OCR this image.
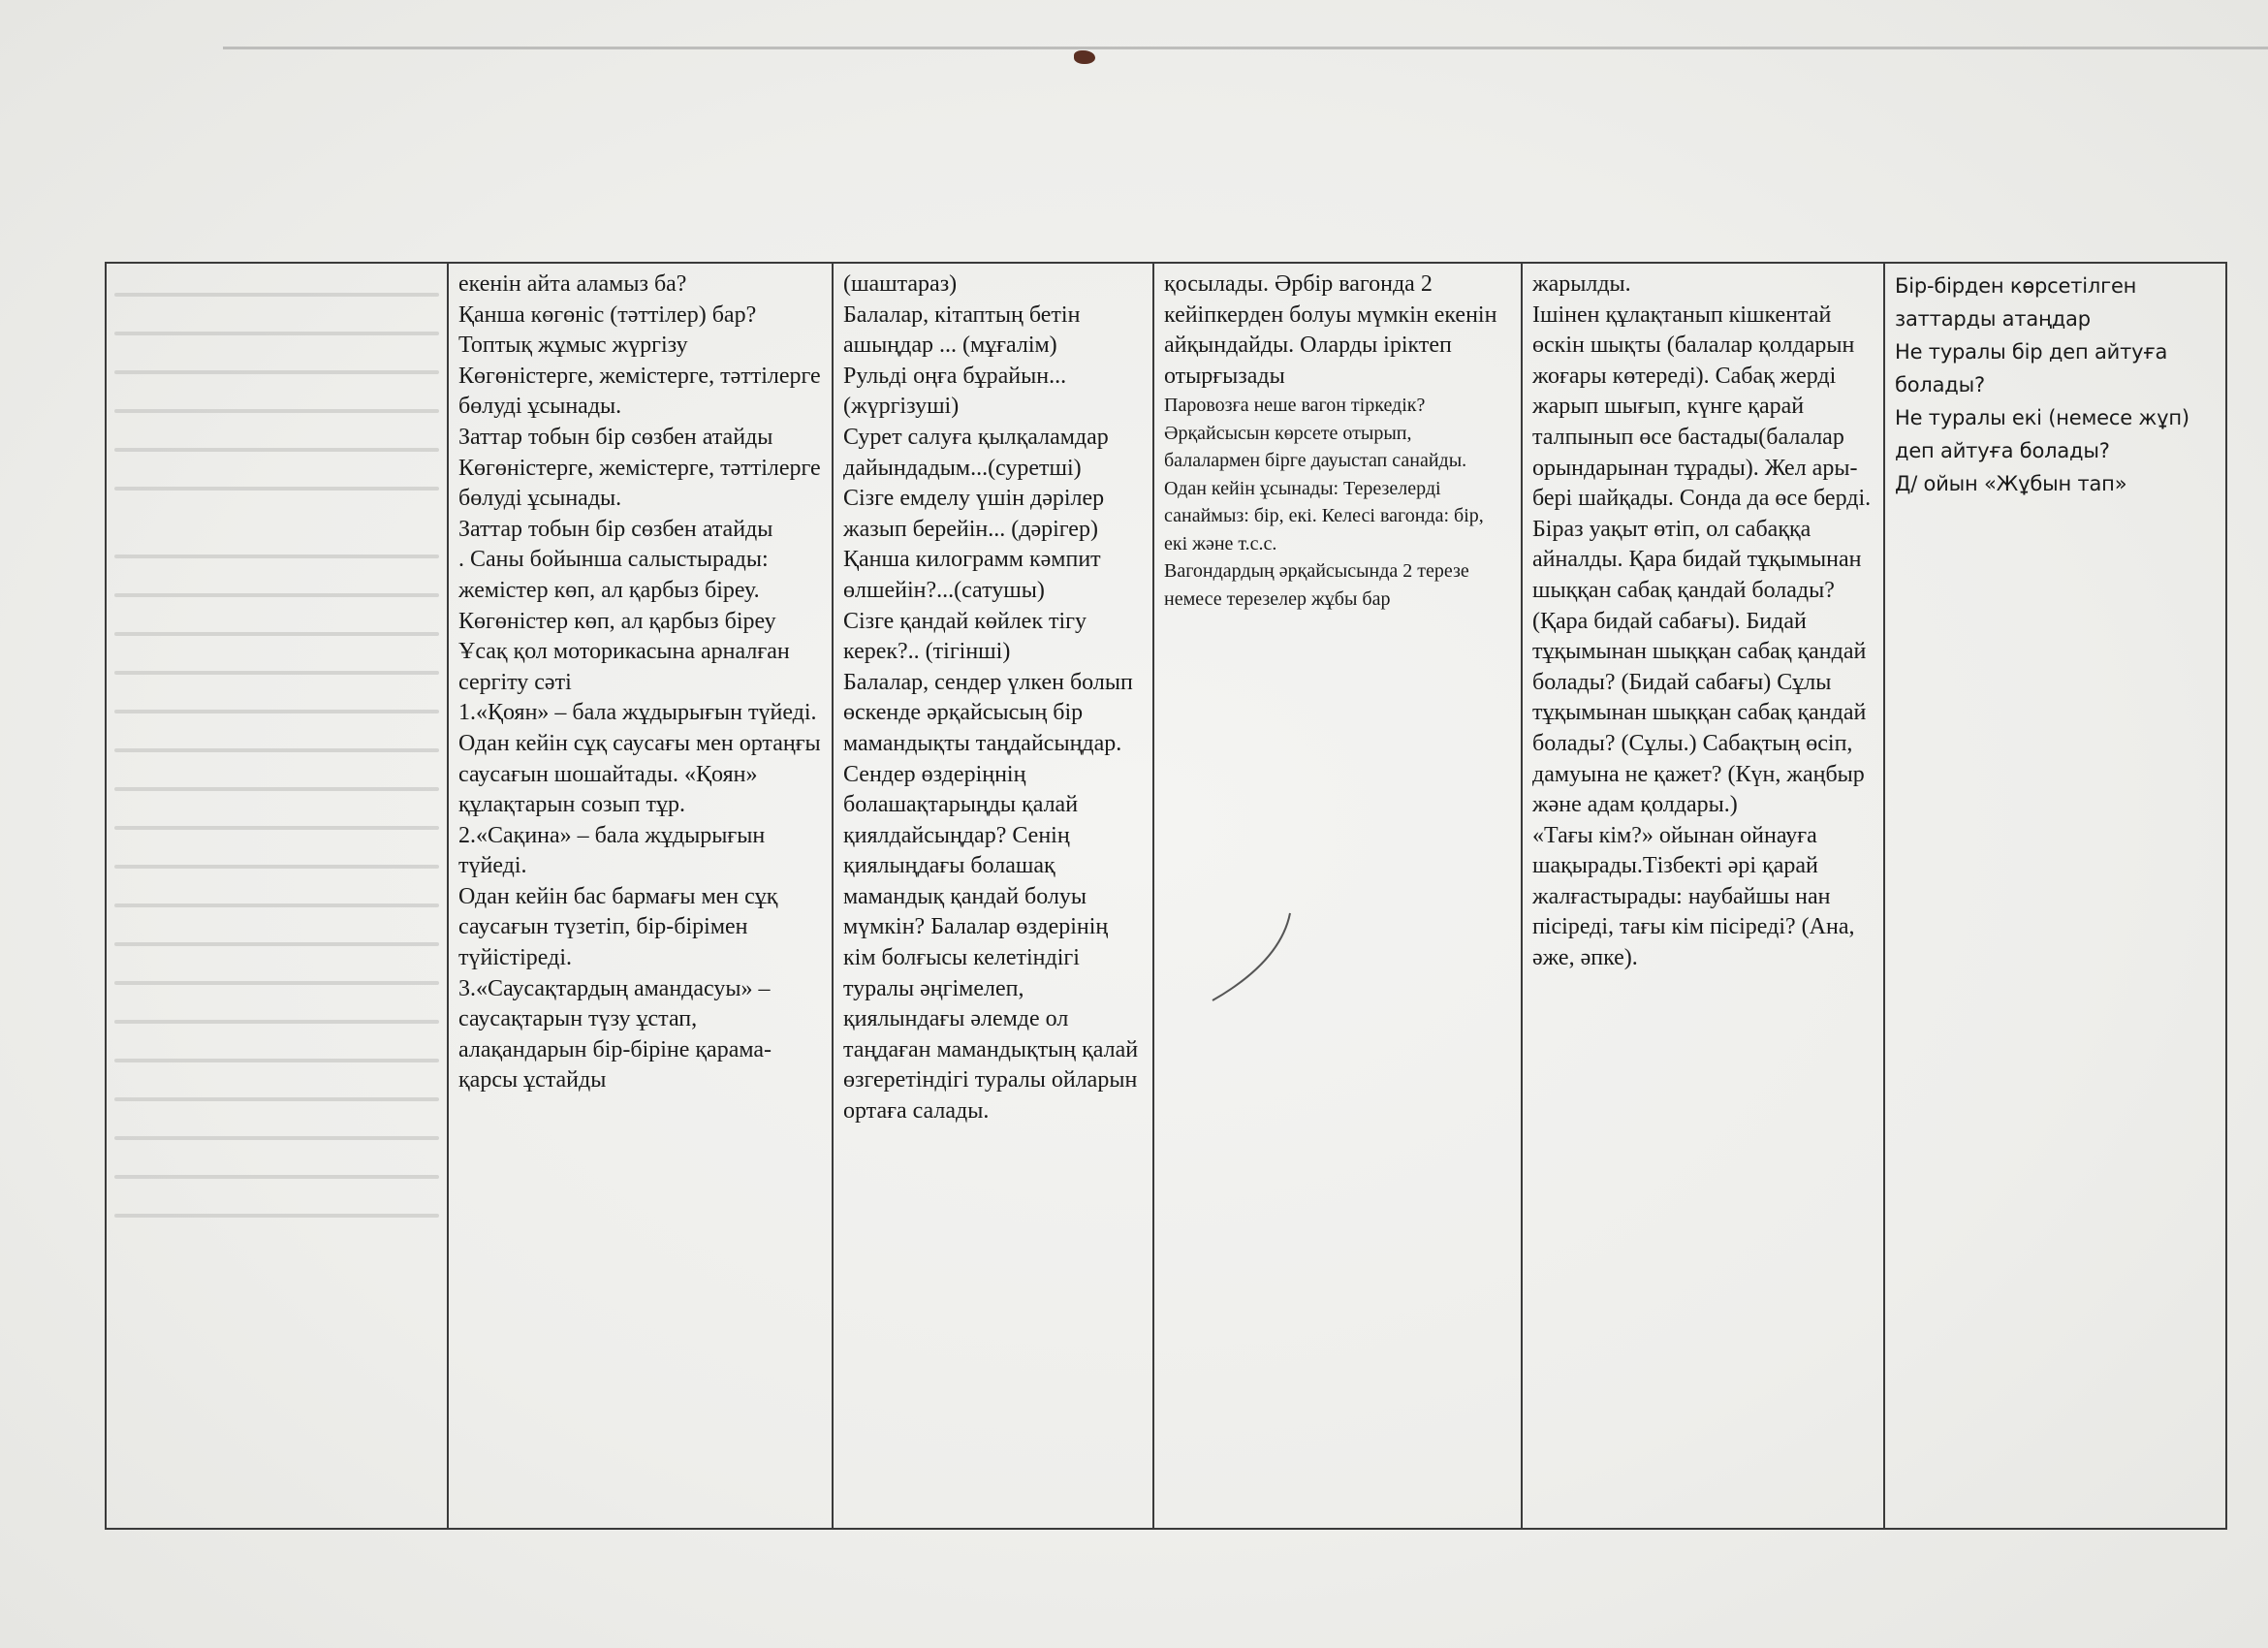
екенін айта аламыз ба?
Қанша көгөніс (тәттілер) бар?
Топтық жұмыс жүргізу
Көгөністерге, жемістерге, тәттілерге бөлуді ұсынады.
Заттар тобын бір сөзбен атайды
Көгөністерге, жемістерге, тәттілерге бөлуді ұсынады.
Заттар тобын бір сөзбен атайды
. Саны бойынша салыстырады: жемістер көп, ал қарбыз біреу. Көгөністер көп, ал қарбыз біреу
Ұсақ қол моторикасына арналған сергіту сәті
1.«Қоян» – бала жұдырығын түйеді. Одан кейін сұқ саусағы мен ортаңғы саусағын шошайтады. «Қоян» құлақтарын созып тұр.
2.«Сақина» – бала жұдырығын түйеді.
Одан кейін бас бармағы мен сұқ саусағын түзетіп, бір-бірімен түйістіреді.
3.«Саусақтардың амандасуы» – саусақтарын түзу ұстап, алақандарын бір-біріне қарама- қарсы ұстайды
(шаштараз)
Балалар, кітаптың бетін ашыңдар ... (мұғалім)
Рульді оңға бұрайын... (жүргізуші)
Сурет салуға қылқаламдар дайындадым...(суретші)
Сізге емделу үшін дәрілер жазып берейін... (дәрігер)
Қанша килограмм кәмпит өлшейін?...(сатушы)
Сізге қандай көйлек тігу керек?.. (тігінші)
Балалар, сендер үлкен болып өскенде әрқайсысың бір мамандықты таңдайсыңдар. Сендер өздеріңнің болашақтарыңды қалай қиялдайсыңдар? Сенің қиялыңдағы болашақ мамандық қандай болуы мүмкін? Балалар өздерінің кім болғысы келетіндігі туралы әңгімелеп, қиялындағы әлемде ол таңдаған мамандықтың қалай өзгеретіндігі туралы ойларын ортаға салады.
қосылады. Әрбір вагонда 2 кейіпкерден болуы мүмкін екенін айқындайды. Оларды іріктеп отырғызады
Паровозға неше вагон тіркедік? Әрқайсысын көрсете отырып, балалармен бірге дауыстап санайды. Одан кейін ұсынады: Терезелерді санаймыз: бір, екі. Келесі вагонда: бір, екі және т.с.с.
Вагондардың әрқайсысында 2 терезе немесе терезелер жұбы бар
жарылды.
Ішінен құлақтанып кішкентай өскін шықты (балалар қолдарын жоғары көтереді). Сабақ жерді жарып шығып, күнге қарай талпынып өсе бастады(балалар орындарынан тұрады). Жел ары-бері шайқады. Сонда да өсе берді. Біраз уақыт өтіп, ол сабаққа айналды. Қара бидай тұқымынан шыққан сабақ қандай болады? (Қара бидай сабағы). Бидай тұқымынан шыққан сабақ қандай болады? (Бидай сабағы) Сұлы тұқымынан шыққан сабақ қандай болады? (Сұлы.) Сабақтың өсіп, дамуына не қажет? (Күн, жаңбыр және адам қолдары.)
«Тағы кім?» ойынан ойнауға шақырады.Тізбекті әрі қарай жалғастырады: наубайшы нан пісіреді, тағы кім пісіреді? (Ана, әже, әпке).
Бір-бірден көрсетілген заттарды атаңдар
Не туралы бір деп айтуға болады?
Не туралы екі (немесе жұп) деп айтуға болады?
Д/ ойын «Жұбын тап»
